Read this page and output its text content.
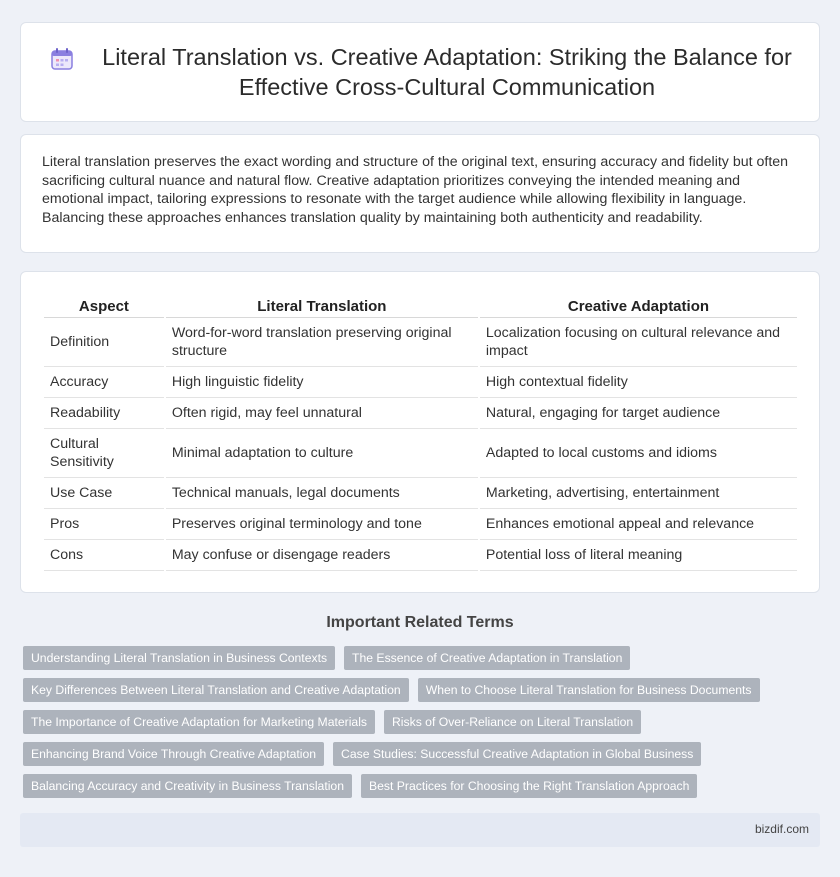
Literal Translation vs. Creative Adaptation: Striking the Balance for Effective Cross-Cultural Communication

Literal translation preserves the exact wording and structure of the original text, ensuring accuracy and fidelity but often sacrificing cultural nuance and natural flow. Creative adaptation prioritizes conveying the intended meaning and emotional impact, tailoring expressions to resonate with the target audience while allowing flexibility in language. Balancing these approaches enhances translation quality by maintaining both authenticity and readability.

Aspect	Literal Translation	Creative Adaptation
Definition	Word-for-word translation preserving original structure	Localization focusing on cultural relevance and impact
Accuracy	High linguistic fidelity	High contextual fidelity
Readability	Often rigid, may feel unnatural	Natural, engaging for target audience
Cultural Sensitivity	Minimal adaptation to culture	Adapted to local customs and idioms
Use Case	Technical manuals, legal documents	Marketing, advertising, entertainment
Pros	Preserves original terminology and tone	Enhances emotional appeal and relevance
Cons	May confuse or disengage readers	Potential loss of literal meaning
Important Related Terms
Understanding Literal Translation in Business Contexts	The Essence of Creative Adaptation in Translation
Key Differences Between Literal Translation and Creative Adaptation	When to Choose Literal Translation for Business Documents
The Importance of Creative Adaptation for Marketing Materials	Risks of Over-Reliance on Literal Translation
Enhancing Brand Voice Through Creative Adaptation	Case Studies: Successful Creative Adaptation in Global Business
Balancing Accuracy and Creativity in Business Translation	Best Practices for Choosing the Right Translation Approach
bizdif.com
